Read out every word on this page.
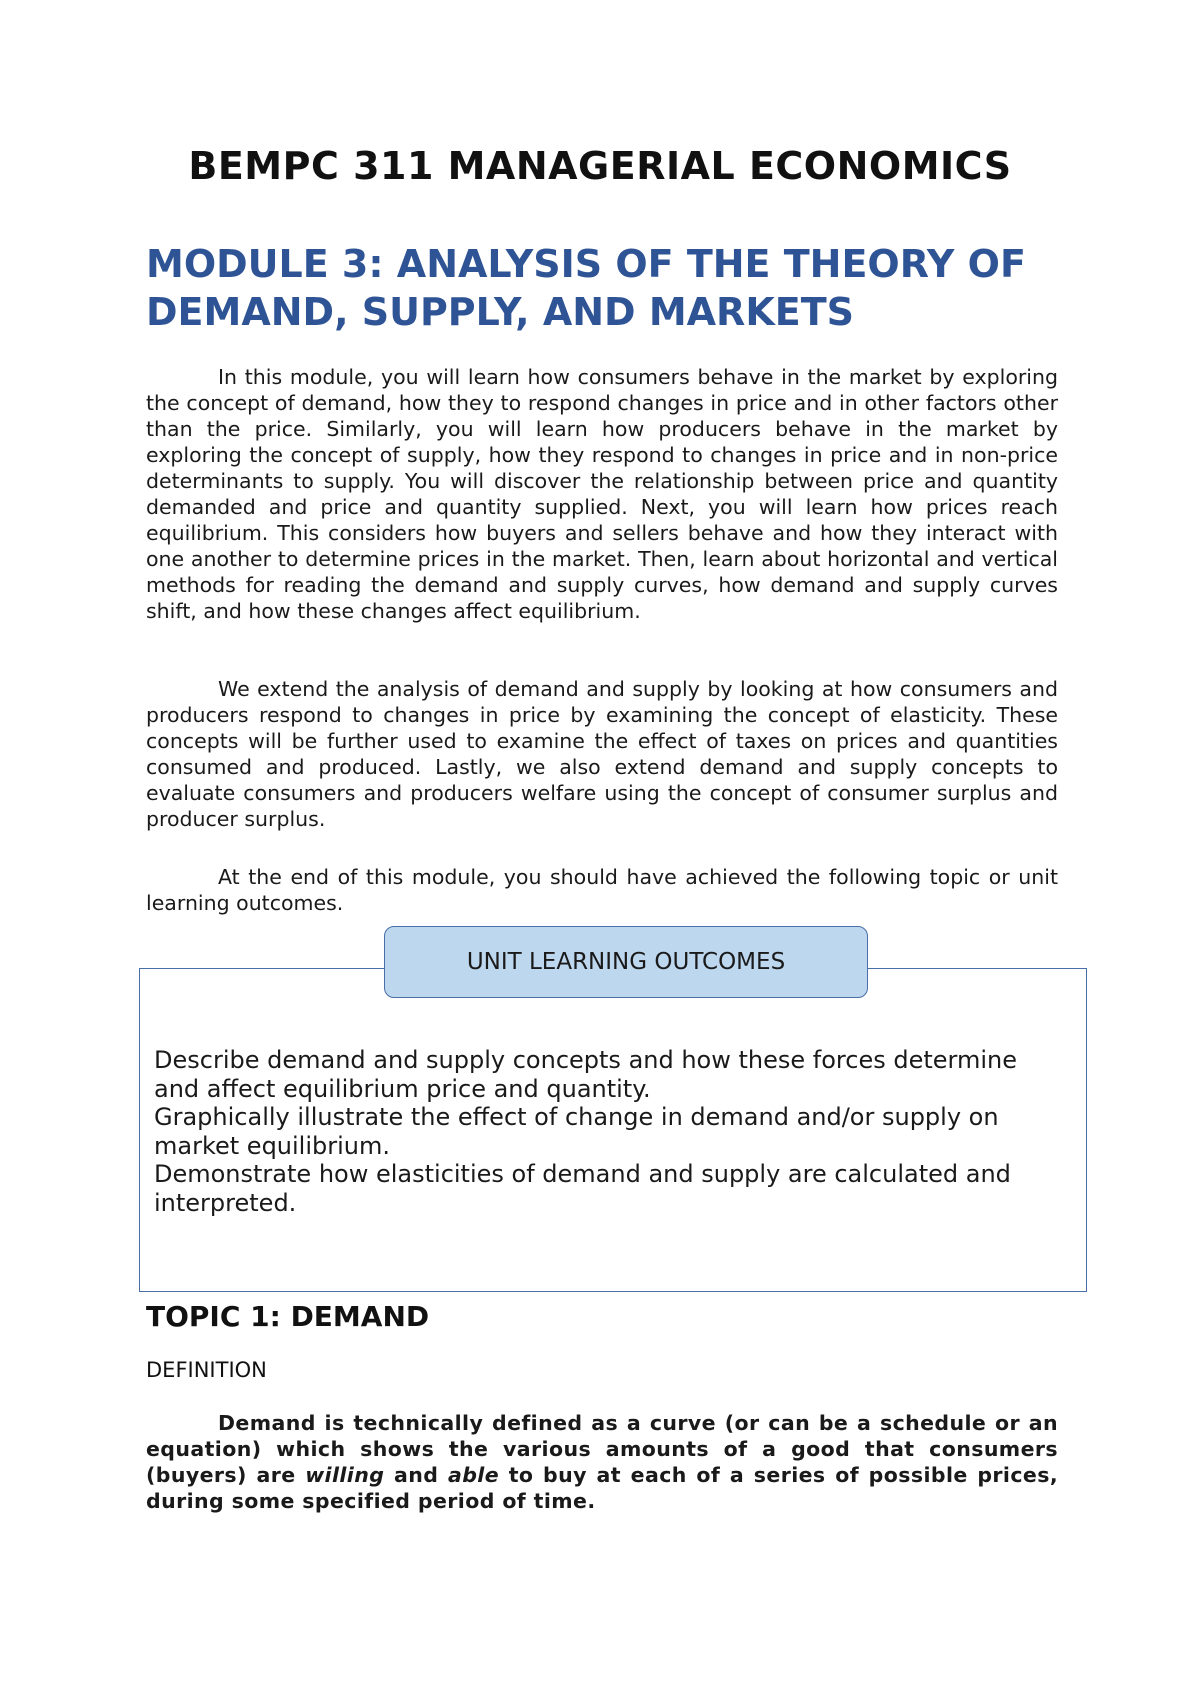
BEMPC 311 MANAGERIAL ECONOMICS
MODULE 3: ANALYSIS OF THE THEORY OF DEMAND, SUPPLY, AND MARKETS

In this module, you will learn how consumers behave in the market by exploring the concept of demand, how they to respond changes in price and in other factors other than the price. Similarly, you will learn how producers behave in the market by exploring the concept of supply, how they respond to changes in price and in non-price determinants to supply. You will discover the relationship between price and quantity demanded and price and quantity supplied. Next, you will learn how prices reach equilibrium. This considers how buyers and sellers behave and how they interact with one another to determine prices in the market. Then, learn about horizontal and vertical methods for reading the demand and supply curves, how demand and supply curves shift, and how these changes affect equilibrium.

We extend the analysis of demand and supply by looking at how consumers and producers respond to changes in price by examining the concept of elasticity. These concepts will be further used to examine the effect of taxes on prices and quantities consumed and produced. Lastly, we also extend demand and supply concepts to evaluate consumers and producers welfare using the concept of consumer surplus and producer surplus.

At the end of this module, you should have achieved the following topic or unit learning outcomes.

UNIT LEARNING OUTCOMES
Describe demand and supply concepts and how these forces determine and affect equilibrium price and quantity.
Graphically illustrate the effect of change in demand and/or supply on market equilibrium.
Demonstrate how elasticities of demand and supply are calculated and interpreted.
TOPIC 1: DEMAND
DEFINITION

Demand is technically defined as a curve (or can be a schedule or an equation) which shows the various amounts of a good that consumers (buyers) are willing and able to buy at each of a series of possible prices, during some specified period of time.
